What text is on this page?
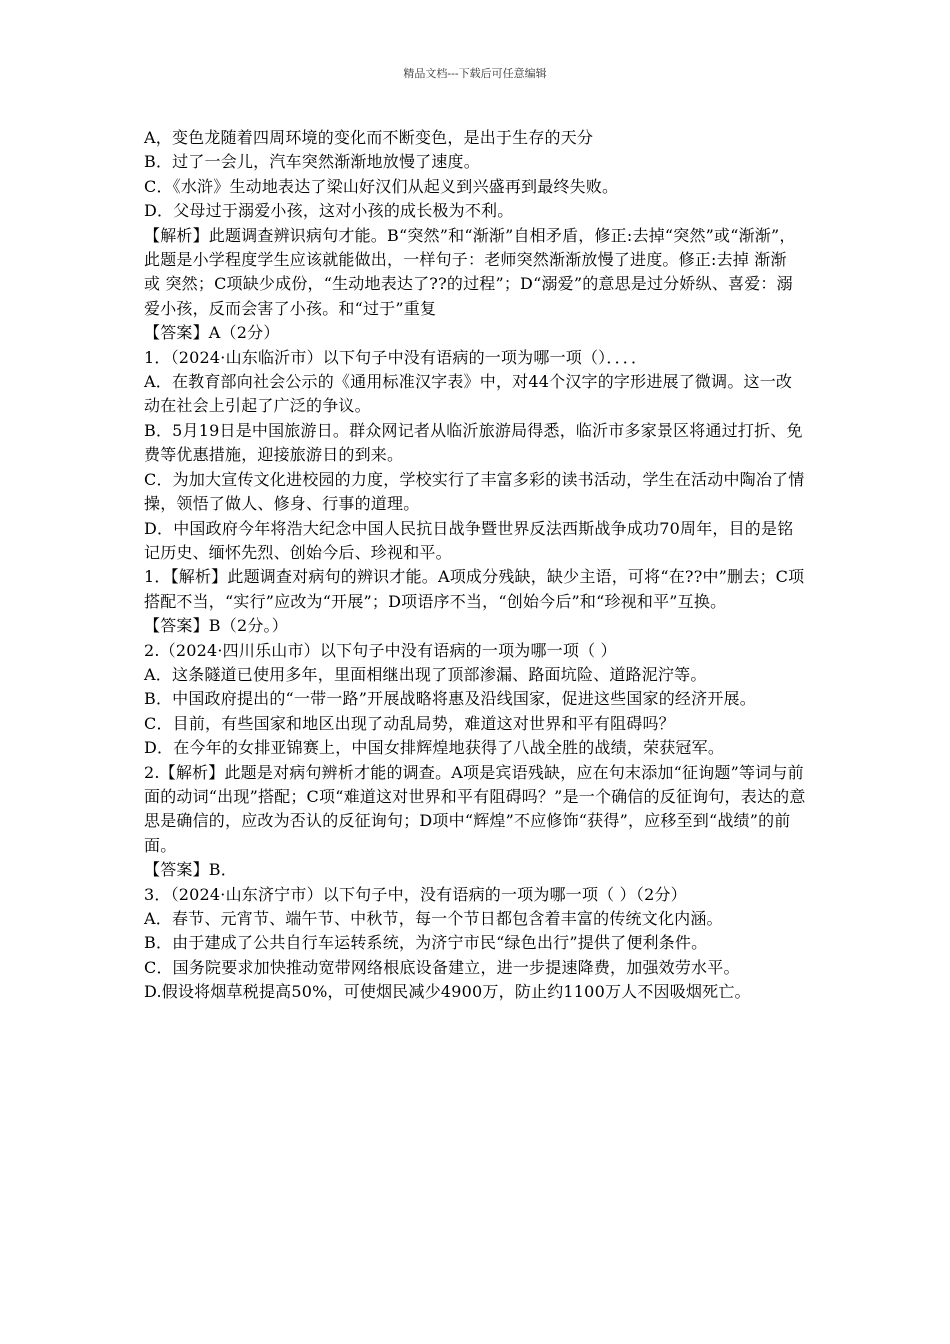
精品文档---下载后可任意编辑

A，变色龙随着四周环境的变化而不断变色，是出于生存的天分

B．过了一会儿，汽车突然渐渐地放慢了速度。

C．《水浒》生动地表达了梁山好汉们从起义到兴盛再到最终失败。

D．父母过于溺爱小孩，这对小孩的成长极为不利。

【解析】此题调查辨识病句才能。B“突然”和“渐渐”自相矛盾，修正:去掉“突然”或“渐渐”，此题是小学程度学生应该就能做出，一样句子：老师突然渐渐放慢了进度。修正:去掉 渐渐 或 突然；C项缺少成份，“生动地表达了??的过程”；D“溺爱”的意思是过分娇纵、喜爱：溺爱小孩，反而会害了小孩。和“过于”重复

【答案】A（2分）

1．（2024·山东临沂市）以下句子中没有语病的一项为哪一项（）．．．．

A．在教育部向社会公示的《通用标准汉字表》中，对44个汉字的字形进展了微调。这一改动在社会上引起了广泛的争议。

B．5月19日是中国旅游日。群众网记者从临沂旅游局得悉，临沂市多家景区将通过打折、免费等优惠措施，迎接旅游日的到来。

C．为加大宣传文化进校园的力度，学校实行了丰富多彩的读书活动，学生在活动中陶冶了情操，领悟了做人、修身、行事的道理。

D．中国政府今年将浩大纪念中国人民抗日战争暨世界反法西斯战争成功70周年，目的是铭记历史、缅怀先烈、创始今后、珍视和平。

1．【解析】此题调查对病句的辨识才能。A项成分残缺，缺少主语，可将“在??中”删去；C项搭配不当，“实行”应改为“开展”；D项语序不当，“创始今后”和“珍视和平”互换。

【答案】B（2分。）

2.（2024·四川乐山市）以下句子中没有语病的一项为哪一项（ ）

A．这条隧道已使用多年，里面相继出现了顶部渗漏、路面坑险、道路泥泞等。

B．中国政府提出的“一带一路”开展战略将惠及沿线国家，促进这些国家的经济开展。

C．目前，有些国家和地区出现了动乱局势，难道这对世界和平有阻碍吗？

D．在今年的女排亚锦赛上，中国女排辉煌地获得了八战全胜的战绩，荣获冠军。

2.【解析】此题是对病句辨析才能的调查。A项是宾语残缺，应在句末添加“征询题”等词与前面的动词“出现”搭配；C项“难道这对世界和平有阻碍吗？”是一个确信的反征询句，表达的意思是确信的，应改为否认的反征询句；D项中“辉煌”不应修饰“获得”，应移至到“战绩”的前面。

【答案】B．

3．（2024·山东济宁市）以下句子中，没有语病的一项为哪一项（ ）（2分）

A．春节、元宵节、端午节、中秋节，每一个节日都包含着丰富的传统文化内涵。

B．由于建成了公共自行车运转系统，为济宁市民“绿色出行”提供了便利条件。

C．国务院要求加快推动宽带网络根底设备建立，进一步提速降费，加强效劳水平。

D.假设将烟草税提高50%，可使烟民减少4900万，防止约1100万人不因吸烟死亡。
